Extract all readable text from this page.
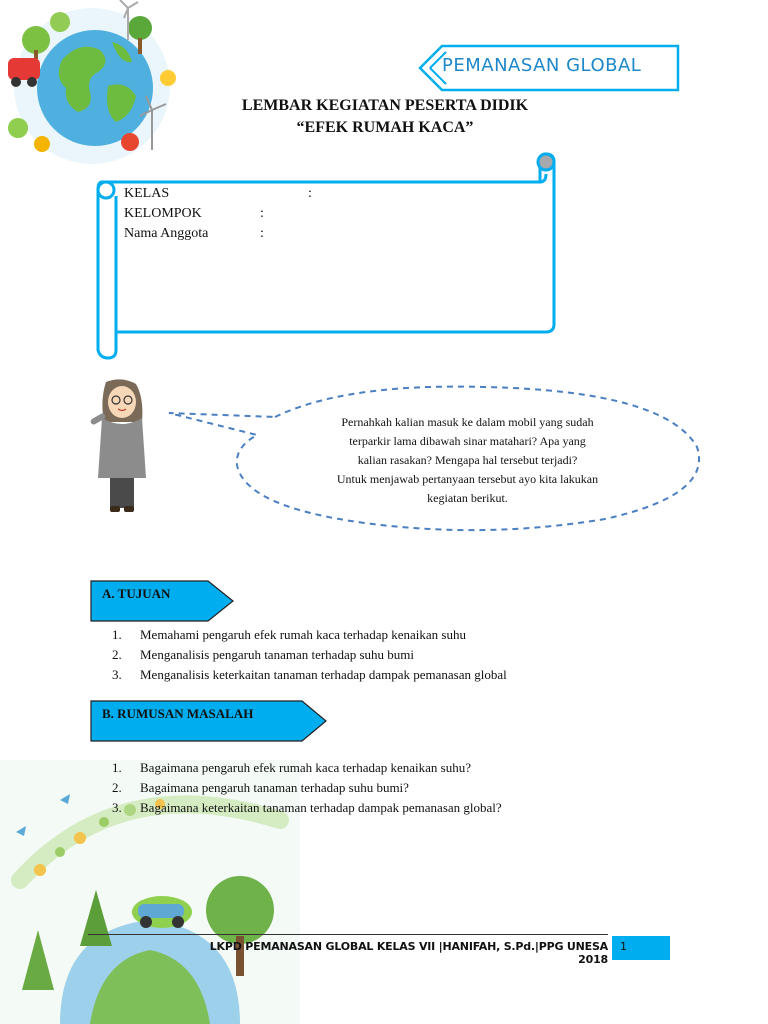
PEMANASAN GLOBAL
LEMBAR KEGIATAN PESERTA DIDIK
“EFEK RUMAH KACA”
KELAS	:
KELOMPOK	:
Nama Anggota	:
Pernahkah kalian masuk ke dalam mobil yang sudah
terparkir lama dibawah sinar matahari? Apa yang
kalian rasakan? Mengapa hal tersebut terjadi?
Untuk menjawab pertanyaan tersebut ayo kita lakukan
kegiatan berikut.
A. TUJUAN
1. Memahami pengaruh efek rumah kaca terhadap kenaikan suhu
2. Menganalisis pengaruh tanaman terhadap suhu bumi
3. Menganalisis keterkaitan tanaman terhadap dampak pemanasan global
B. RUMUSAN MASALAH
1. Bagaimana pengaruh efek rumah kaca terhadap kenaikan suhu?
2. Bagaimana pengaruh tanaman terhadap suhu bumi?
3. Bagaimana keterkaitan tanaman terhadap dampak pemanasan global?
LKPD PEMANASAN GLOBAL KELAS VII |HANIFAH, S.Pd.|PPG UNESA 2018
1
